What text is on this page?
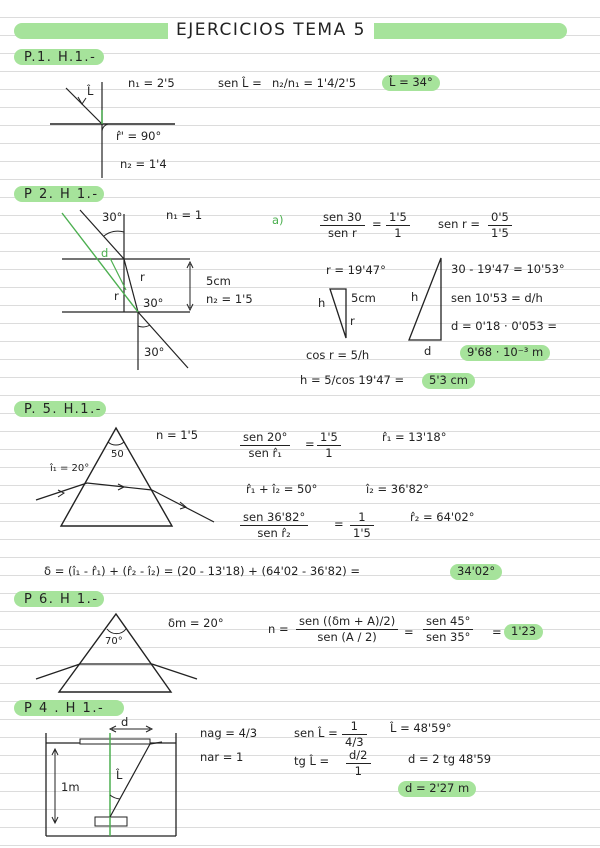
EJERCICIOS TEMA 5
P.1. H.1.-
L̂
n₁ = 2'5
r̂' = 90°
n₂ = 1'4
sen L̂ = n₂/n₁ = 1'4/2'5	L̂ = 34°
P 2. H 1.-
30°
d
r
r 30°
30°
n₁ = 1
5cm
n₂ = 1'5
a)	sen 30
sen r
= $\frac{1'5}{1}$ sen $r = \frac{0'5}{1'5}$
r = 19'47°
h 5cm
r
h
d
30 - 19'47 = 10'53°
sen 10'53 = d/h
d = 0'18 · 0'053 =
9'68 · 10⁻³ m
cos r = 5/h
h = 5/cos 19'47 =	5'3 cm
P. 5. H.1.-
50
î₁ = 20°
n = 1'5	sen 20°
sen r̂₁
= $\frac{1'5}{1}$	r̂₁ = 13'18°
r̂₁ + î₂ = 50°	î₂ = 36'82°
sen 36'82°
sen r̂₂
= $\frac{1}{1'5}$	r̂₂ = 64'02°
δ = (î₁ - r̂₁) + (r̂₂ - î₂) = (20 - 13'18) + (64'02 - 36'82) =	34'02°
P 6. H 1.-
70°
δm = 20°	n =
sen ((δm + A)/2)
sen (A / 2)	=
sen 45°
sen 35° = 1'23
P 4 . H 1.-
d
1m
L̂
nag = 4/3
nar = 1
sen L̂ = $\frac{1}{4/3}$ L̂ = 48'59°
tg L̂ = $\frac{d/2}{1}$	d = 2 tg 48'59
d = 2'27 m
